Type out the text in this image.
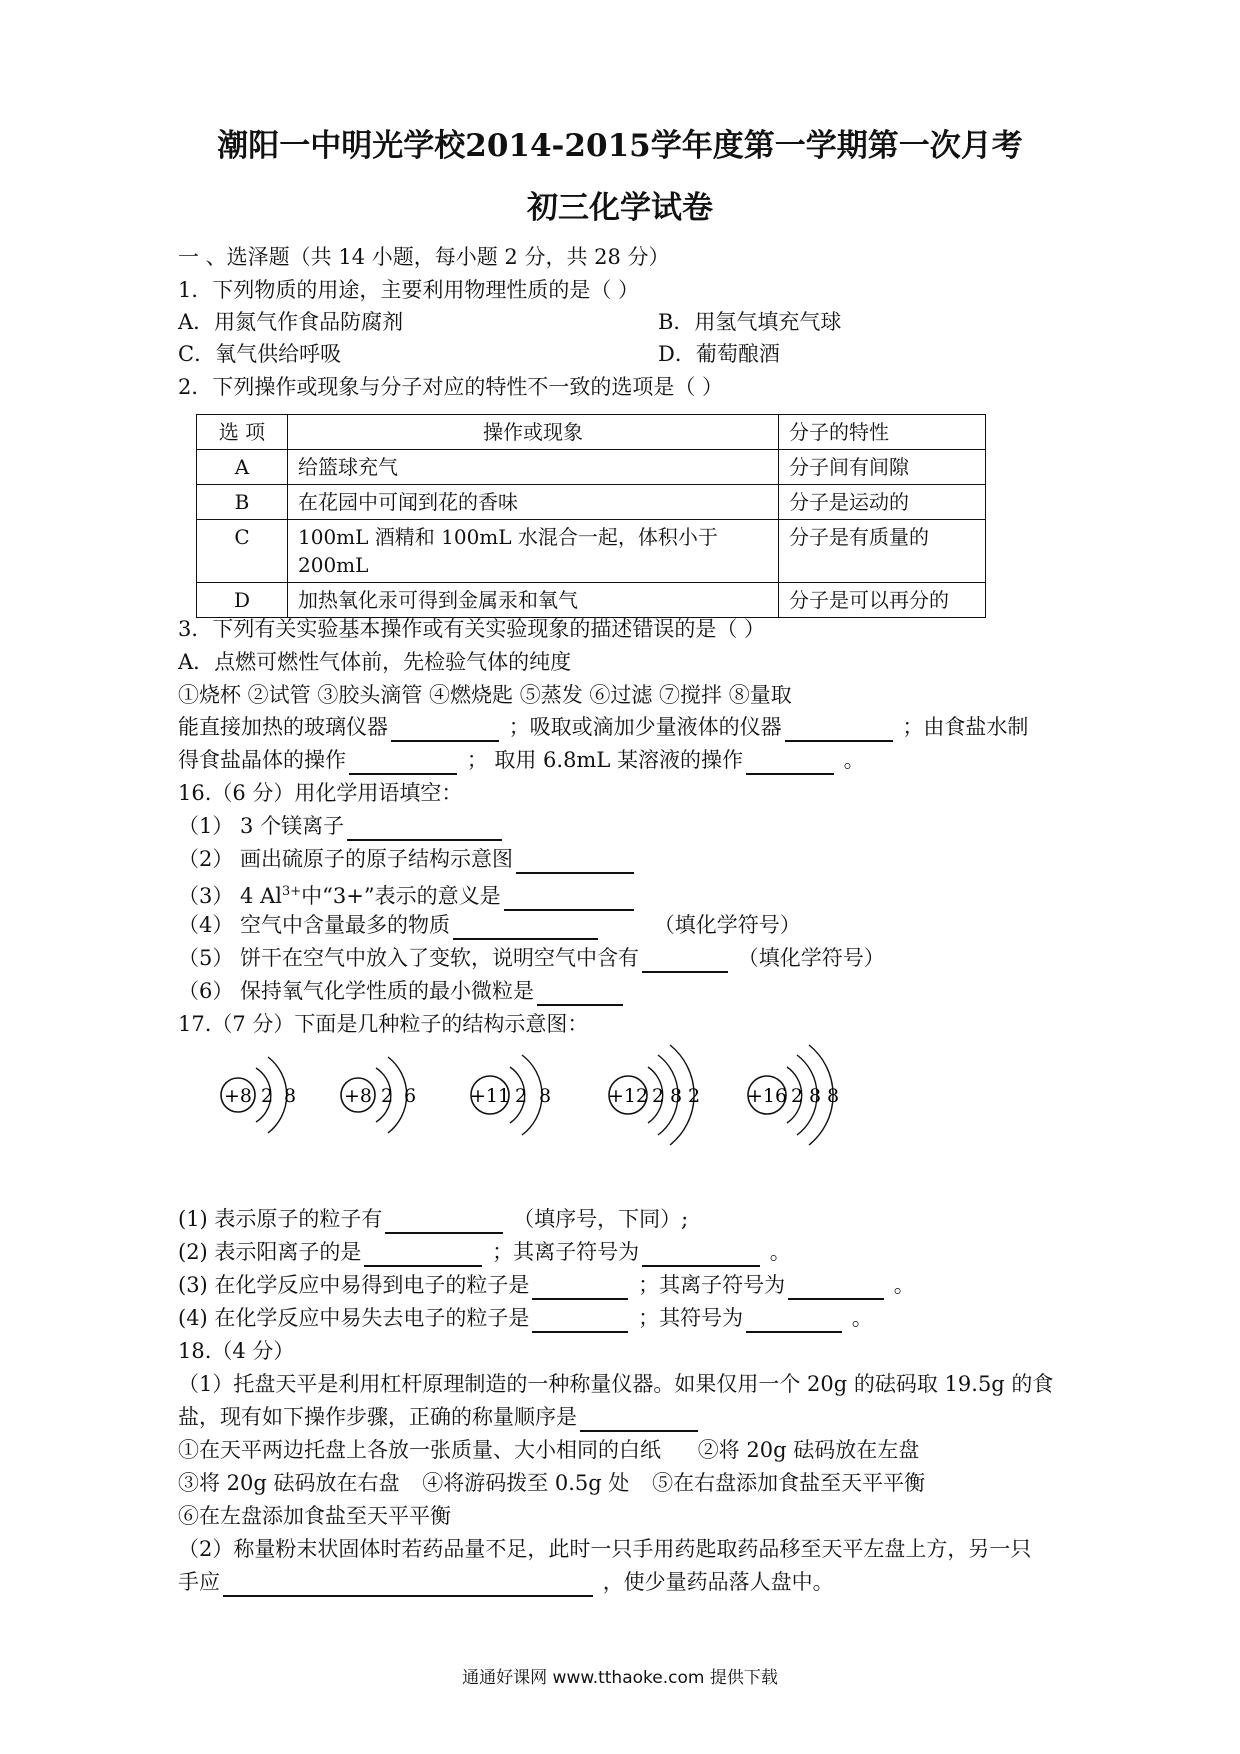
潮阳一中明光学校2014-2015学年度第一学期第一次月考
初三化学试卷
一 、选泽题（共 14 小题，每小题 2 分，共 28 分）
1．下列物质的用途，主要利用物理性质的是（ ）
A．用氮气作食品防腐剂	B．用氢气填充气球
C．氧气供给呼吸	D．葡萄酿酒
2．下列操作或现象与分子对应的特性不一致的选项是（ ）
选 项	操作或现象	分子的特性
A	给篮球充气	分子间有间隙
B	在花园中可闻到花的香味	分子是运动的
C	100mL 酒精和 100mL 水混合一起，体积小于 200mL	分子是有质量的
D	加热氧化汞可得到金属汞和氧气	分子是可以再分的
3．下列有关实验基本操作或有关实验现象的描述错误的是（ ）
A．点燃可燃性气体前，先检验气体的纯度
①烧杯 ②试管 ③胶头滴管 ④燃烧匙 ⑤蒸发 ⑥过滤 ⑦搅拌 ⑧量取
能直接加热的玻璃仪器	；吸取或滴加少量液体的仪器	；由食盐水制
得食盐晶体的操作	； 取用 6.8mL 某溶液的操作	。
16.（6 分）用化学用语填空：
（1） 3 个镁离子
（2） 画出硫原子的原子结构示意图
（3） 4 $Al^{3+}$中“3+”表示的意义是
（4） 空气中含量最多的物质	（填化学符号）
（5） 饼干在空气中放入了变软，说明空气中含有	（填化学符号）
（6） 保持氧气化学性质的最小微粒是
17.（7 分）下面是几种粒子的结构示意图：
+8 2 8	+8 2 6	+11 2 8	+12 2 8 2 +16 2 8 8
(1) 表示原子的粒子有	（填序号，下同）;
(2) 表示阳离子的是	；其离子符号为	。
(3) 在化学反应中易得到电子的粒子是	；其离子符号为	。
(4) 在化学反应中易失去电子的粒子是	；其符号为	。
18.（4 分）
（1）托盘天平是利用杠杆原理制造的一种称量仪器。如果仅用一个 20g 的砝码取 19.5g 的食
盐，现有如下操作步骤，正确的称量顺序是
①在天平两边托盘上各放一张质量、大小相同的白纸 ②将 20g 砝码放在左盘
③将 20g 砝码放在右盘 ④将游码拨至 0.5g 处 ⑤在右盘添加食盐至天平平衡
⑥在左盘添加食盐至天平平衡
（2）称量粉末状固体时若药品量不足，此时一只手用药匙取药品移至天平左盘上方，另一只
手应	，使少量药品落人盘中。
通通好课网 www.tthaoke.com 提供下载
